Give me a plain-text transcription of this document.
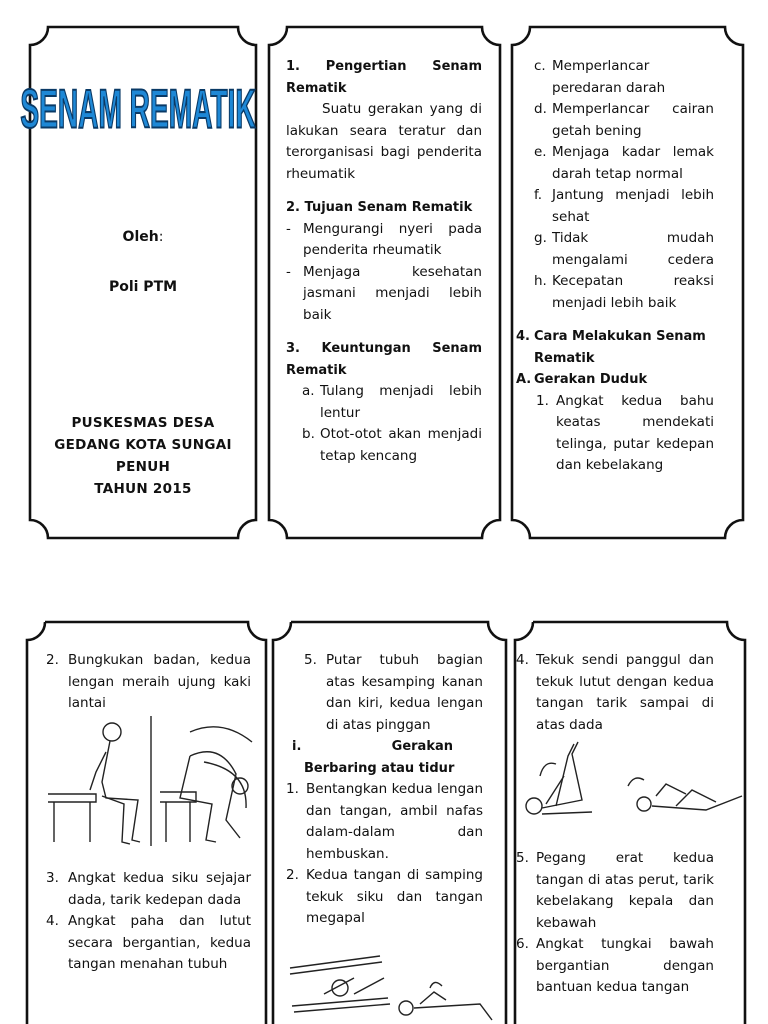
SENAM REMATIK
Oleh:
Poli PTM
PUSKESMAS DESA
GEDANG KOTA SUNGAI
PENUH
TAHUN 2015
1.    Pengertian    Senam Rematik
Suatu gerakan yang di lakukan seara teratur dan terorganisasi bagi penderita rheumatik
2. Tujuan Senam Rematik
- Mengurangi nyeri pada penderita rheumatik
- Menjaga kesehatan jasmani menjadi lebih baik
3.    Keuntungan    Senam Rematik
a. Tulang menjadi lebih lentur
b. Otot-otot akan menjadi tetap kencang
c. Memperlancar peredaran darah
d. Memperlancar cairan getah bening
e. Menjaga kadar lemak darah tetap normal
f. Jantung menjadi lebih sehat
g. Tidak mudah mengalami cedera
h. Kecepatan reaksi menjadi lebih baik
4. Cara Melakukan Senam Rematik
A. Gerakan Duduk
1. Angkat kedua bahu keatas mendekati telinga, putar kedepan dan kebelakang
2. Bungkukan badan, kedua lengan meraih ujung kaki lantai
3. Angkat kedua siku sejajar dada, tarik kedepan dada
4. Angkat paha dan lutut secara bergantian, kedua tangan menahan tubuh
5. Putar tubuh bagian atas kesamping kanan dan kiri, kedua lengan di atas pinggan
i.	Gerakan
Berbaring atau tidur
1. Bentangkan kedua lengan dan tangan, ambil nafas dalam-dalam dan hembuskan.
2. Kedua tangan di samping tekuk siku dan tangan megapal
4. Tekuk sendi panggul dan tekuk lutut dengan kedua tangan tarik sampai di atas dada
5. Pegang erat kedua tangan di atas perut, tarik kebelakang kepala dan kebawah
6. Angkat tungkai bawah bergantian dengan bantuan kedua tangan
